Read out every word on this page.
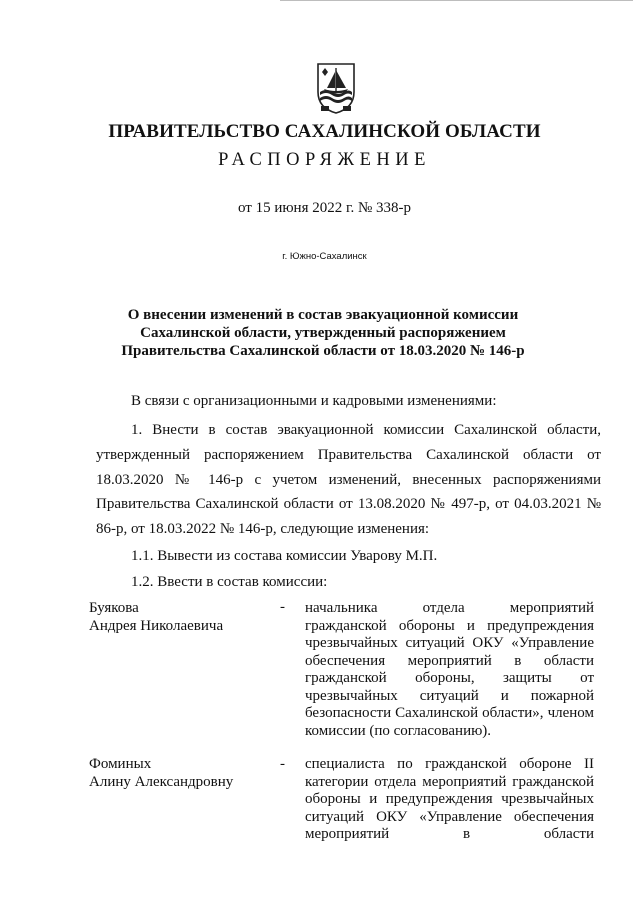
ПРАВИТЕЛЬСТВО САХАЛИНСКОЙ ОБЛАСТИ
РАСПОРЯЖЕНИЕ
от 15 июня 2022 г. № 338-р
г. Южно-Сахалинск
О внесении изменений в состав эвакуационной комиссии Сахалинской области, утвержденный распоряжением Правительства Сахалинской области от 18.03.2020 № 146-р
В связи с организационными и кадровыми изменениями:
1. Внести в состав эвакуационной комиссии Сахалинской области, утвержденный распоряжением Правительства Сахалинской области от 18.03.2020 № 146-р с учетом изменений, внесенных распоряжениями Правительства Сахалинской области от 13.08.2020 № 497-р, от 04.03.2021 № 86-р, от 18.03.2022 № 146-р, следующие изменения:
1.1. Вывести из состава комиссии Уварову М.П.
1.2. Ввести в состав комиссии:
Буякова
Андрея Николаевича
- начальника отдела мероприятий гражданской обороны и предупреждения чрезвычайных ситуаций ОКУ «Управление обеспечения мероприятий в области гражданской обороны, защиты от чрезвычайных ситуаций и пожарной безопасности Сахалинской области», членом комиссии (по согласованию).
Фоминых
Алину Александровну
- специалиста по гражданской обороне II категории отдела мероприятий гражданской обороны и предупреждения чрезвычайных ситуаций ОКУ «Управление обеспечения мероприятий в области
